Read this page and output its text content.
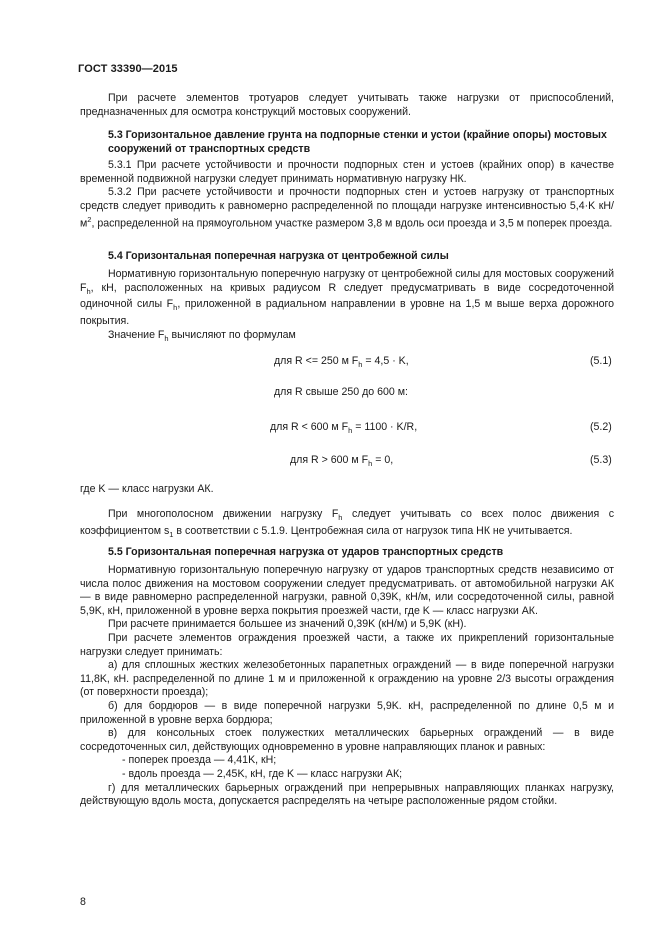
ГОСТ 33390—2015

При расчете элементов тротуаров следует учитывать также нагрузки от приспособлений, предназначенных для осмотра конструкций мостовых сооружений.

5.3 Горизонтальное давление грунта на подпорные стенки и устои (крайние опоры) мостовых сооружений от транспортных средств

5.3.1 При расчете устойчивости и прочности подпорных стен и устоев (крайних опор) в качестве временной подвижной нагрузки следует принимать нормативную нагрузку НК.

5.3.2 При расчете устойчивости и прочности подпорных стен и устоев нагрузку от транспортных средств следует приводить к равномерно распределенной по площади нагрузке интенсивностью 5,4·K $кН/м^2$, распределенной на прямоугольном участке размером 3,8 м вдоль оси проезда и 3,5 м поперек проезда.

5.4 Горизонтальная поперечная нагрузка от центробежной силы

Нормативную горизонтальную поперечную нагрузку от центробежной силы для мостовых сооружений $F_h$, кН, расположенных на кривых радиусом R следует предусматривать в виде сосредоточенной одиночной силы $F_h$, приложенной в радиальном направлении в уровне на 1,5 м выше верха дорожного покрытия.

Значение $F_h$ вычисляют по формулам

для R <= 250 м $F_h = 4,5 \cdot K$,	(5.1)
для R свыше 250 до 600 м:
для R < 600 м $F_h = 1100 \cdot K/R$,	(5.2)
для R > 600 м $F_h = 0$,	(5.3)
где K — класс нагрузки АК.

При многополосном движении нагрузку $F_h$ следует учитывать со всех полос движения с коэффициентом $s_1$ в соответствии с 5.1.9. Центробежная сила от нагрузок типа НК не учитывается.

5.5 Горизонтальная поперечная нагрузка от ударов транспортных средств

Нормативную горизонтальную поперечную нагрузку от ударов транспортных средств независимо от числа полос движения на мостовом сооружении следует предусматривать. от автомобильной нагрузки АК — в виде равномерно распределенной нагрузки, равной 0,39K, кН/м, или сосредоточенной силы, равной 5,9K, кН, приложенной в уровне верха покрытия проезжей части, где K — класс нагрузки АК.

При расчете принимается большее из значений 0,39K (кН/м) и 5,9K (кН).

При расчете элементов ограждения проезжей части, а также их прикреплений горизонтальные нагрузки следует принимать:

а) для сплошных жестких железобетонных парапетных ограждений — в виде поперечной нагрузки 11,8K, кН. распределенной по длине 1 м и приложенной к ограждению на уровне 2/3 высоты ограждения (от поверхности проезда);

б) для бордюров — в виде поперечной нагрузки 5,9K. кН, распределенной по длине 0,5 м и приложенной в уровне верха бордюра;

в) для консольных стоек полужестких металлических барьерных ограждений — в виде сосредоточенных сил, действующих одновременно в уровне направляющих планок и равных:

- поперек проезда — 4,41K, кН;

- вдоль проезда — 2,45K, кН, где K — класс нагрузки АК;

г) для металлических барьерных ограждений при непрерывных направляющих планках нагрузку, действующую вдоль моста, допускается распределять на четыре расположенные рядом стойки.

8
